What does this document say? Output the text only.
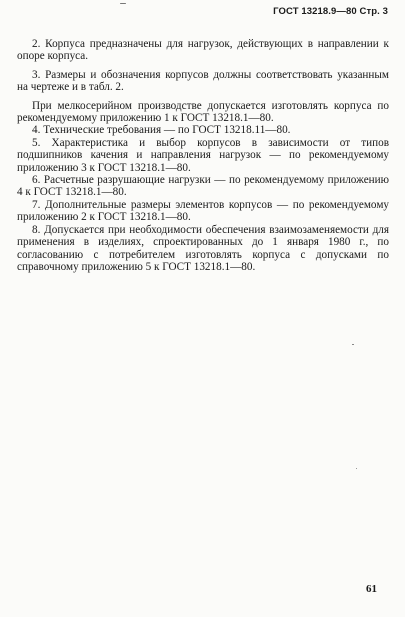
ГОСТ 13218.9—80 Стр. 3

2. Корпуса предназначены для нагрузок, действующих в направлении к опоре корпуса.

3. Размеры и обозначения корпусов должны соответствовать указанным на чертеже и в табл. 2.

При мелкосерийном производстве допускается изготовлять корпуса по рекомендуемому приложению 1 к ГОСТ 13218.1—80.

4. Технические требования — по ГОСТ 13218.11—80.

5. Характеристика и выбор корпусов в зависимости от типов подшипников качения и направления нагрузок — по рекомендуемому приложению 3 к ГОСТ 13218.1—80.

6. Расчетные разрушающие нагрузки — по рекомендуемому приложению 4 к ГОСТ 13218.1—80.

7. Дополнительные размеры элементов корпусов — по рекомендуемому приложению 2 к ГОСТ 13218.1—80.

8. Допускается при необходимости обеспечения взаимозаменяемости для применения в изделиях, спроектированных до 1 января 1980 г., по согласованию с потребителем изготовлять корпуса с допусками по справочному приложению 5 к ГОСТ 13218.1—80.

61
